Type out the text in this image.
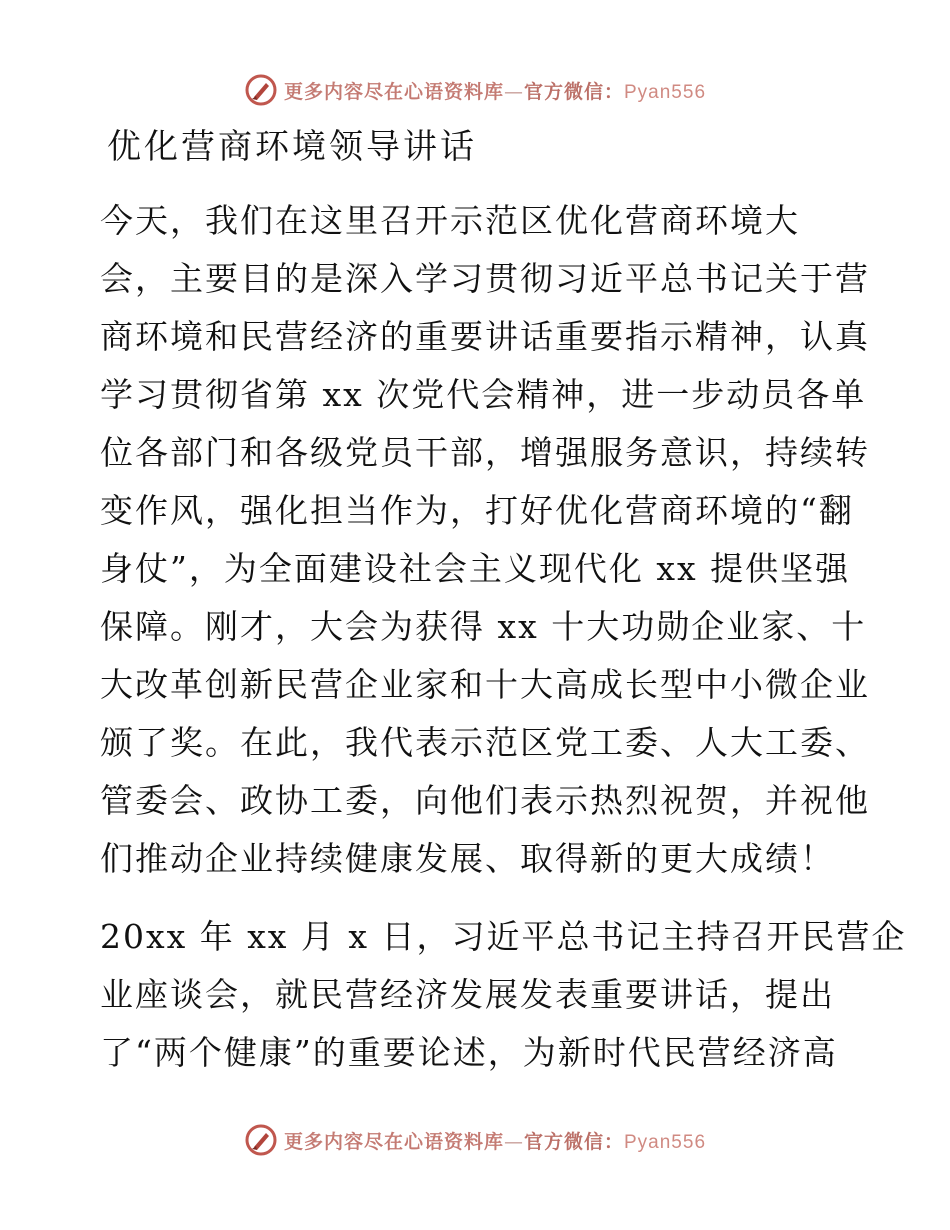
更多内容尽在心语资料库—官方微信：Pyan556
优化营商环境领导讲话
今天，我们在这里召开示范区优化营商环境大
会，主要目的是深入学习贯彻习近平总书记关于营
商环境和民营经济的重要讲话重要指示精神，认真
学习贯彻省第 xx 次党代会精神，进一步动员各单
位各部门和各级党员干部，增强服务意识，持续转
变作风，强化担当作为，打好优化营商环境的“翻
身仗”，为全面建设社会主义现代化 xx 提供坚强
保障。刚才，大会为获得 xx 十大功勋企业家、十
大改革创新民营企业家和十大高成长型中小微企业
颁了奖。在此，我代表示范区党工委、人大工委、
管委会、政协工委，向他们表示热烈祝贺，并祝他
们推动企业持续健康发展、取得新的更大成绩！
20xx 年 xx 月 x 日，习近平总书记主持召开民营企
业座谈会，就民营经济发展发表重要讲话，提出
了“两个健康”的重要论述，为新时代民营经济高
更多内容尽在心语资料库—官方微信：Pyan556
